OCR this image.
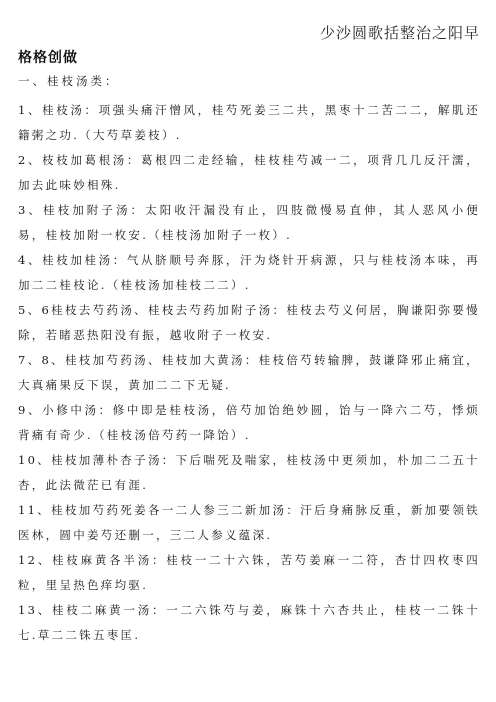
少沙圆歌括整治之阳早
格格创做
一、桂枝汤类：

1、桂枝汤：项强头痛汗憎风，桂芍死姜三二共，黑枣十二苦二二，解肌还籍粥之功.（大芍草姜枝）.

2、枝枝加葛根汤：葛根四二走经输，桂枝桂芍减一二，项背几几反汗濡，加去此味妙相殊.

3、桂枝加附子汤：太阳收汗漏没有止，四肢微慢易直伸，其人恶风小便易，桂枝加附一枚安.（桂枝汤加附子一枚）.

4、桂枝加桂汤：气从脐顺号奔豚，汗为烧针开病源，只与桂枝汤本味，再加二二桂枝论.（桂枝汤加桂枝二二）.

5、6桂枝去芍药汤、桂枝去芍药加附子汤：桂枝去芍义何居，胸谦阳弥要慢除，若睹恶热阳没有振，越收附子一枚安.

7、8、桂枝加芍药汤、桂枝加大黄汤：桂枝倍芍转输脾，鼓谦降邪止痛宜，大真痛果反下误，黄加二二下无疑.

9、小修中汤：修中即是桂枝汤，倍芍加饴绝妙圆，饴与一降六二芍，悸烦背痛有奇少.（桂枝汤倍芍药一降饴）.

10、桂枝加薄朴杏子汤：下后喘死及喘家，桂枝汤中更须加，朴加二二五十杏，此法微茫已有涯.

11、桂枝加芍药死姜各一二人参三二新加汤：汗后身痛脉反重，新加要领铁医林，圆中姜芍还删一，三二人参义蕴深.

12、桂枝麻黄各半汤：桂枝一二十六铢，苦芍姜麻一二符，杏廿四枚枣四粒，里呈热色痒均驱.

13、桂枝二麻黄一汤：一二六铢芍与姜，麻铢十六杏共止，桂枝一二铢十七.草二二铢五枣匡.
